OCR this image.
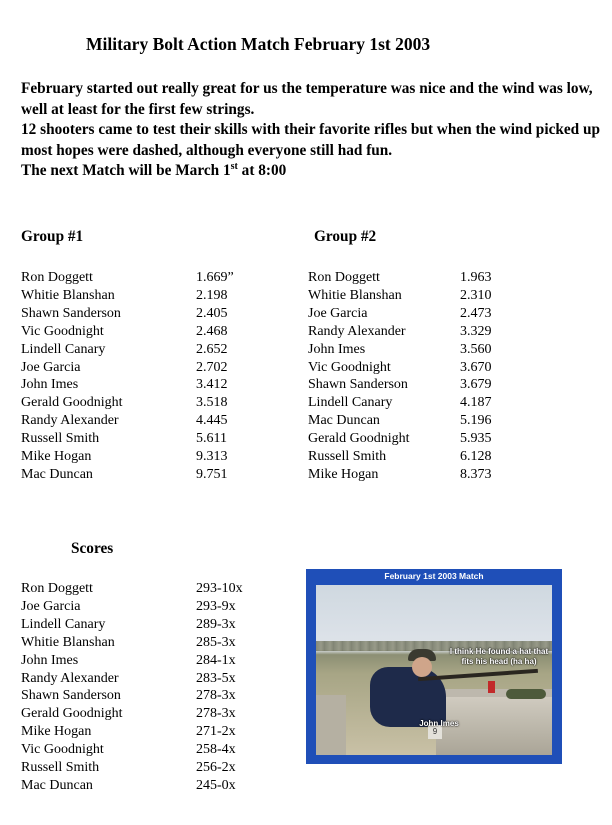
Military Bolt Action Match February 1st 2003

February started out really great for us the temperature was nice and the wind was low, well at least for the first few strings.

12 shooters came to test their skills with their favorite rifles but when the wind picked up most hopes were dashed, although everyone still had fun.

The next Match will be March 1st at 8:00

Group #1	Group #2
Ron Doggett	1.669”
Whitie Blanshan	2.198
Shawn Sanderson	2.405
Vic Goodnight	2.468
Lindell Canary	2.652
Joe Garcia	2.702
John Imes	3.412
Gerald Goodnight	3.518
Randy Alexander	4.445
Russell Smith	5.611
Mike Hogan	9.313
Mac Duncan	9.751
Ron Doggett	1.963
Whitie Blanshan	2.310
Joe Garcia	2.473
Randy Alexander	3.329
John Imes	3.560
Vic Goodnight	3.670
Shawn Sanderson	3.679
Lindell Canary	4.187
Mac Duncan	5.196
Gerald Goodnight	5.935
Russell Smith	6.128
Mike Hogan	8.373
Scores
Ron Doggett	293-10x
Joe Garcia	293-9x
Lindell Canary	289-3x
Whitie Blanshan	285-3x
John Imes	284-1x
Randy Alexander	283-5x
Shawn Sanderson	278-3x
Gerald Goodnight	278-3x
Mike Hogan	271-2x
Vic Goodnight	258-4x
Russell Smith	256-2x
Mac Duncan	245-0x
February 1st 2003 Match
9
I think He found a hat that fits his head (ha ha)
John Imes
